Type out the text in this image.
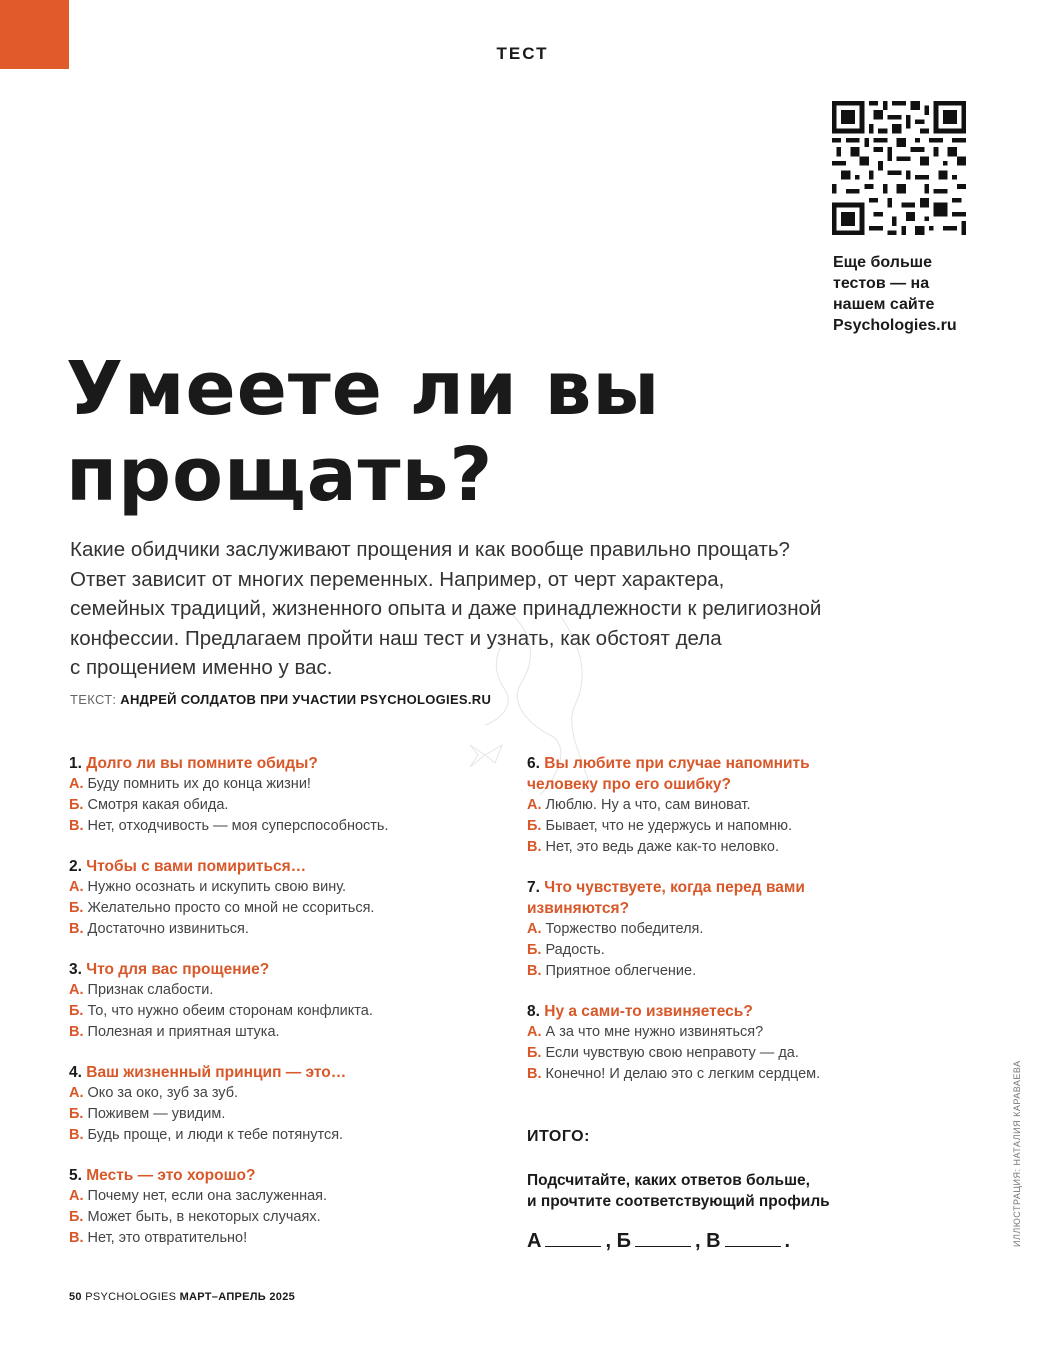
ТЕСТ
Еще больше
тестов — на
нашем сайте
Psychologies.ru
Умеете ли вы
прощать?
Какие обидчики заслуживают прощения и как вообще правильно прощать?
Ответ зависит от многих переменных. Например, от черт характера,
семейных традиций, жизненного опыта и даже принадлежности к религиозной
конфессии. Предлагаем пройти наш тест и узнать, как обстоят дела
с прощением именно у вас.
ТЕКСТ: АНДРЕЙ СОЛДАТОВ ПРИ УЧАСТИИ PSYCHOLOGIES.RU
1. Долго ли вы помните обиды?
А. Буду помнить их до конца жизни!
Б. Смотря какая обида.
В. Нет, отходчивость — моя суперспособность.
2. Чтобы с вами помириться…
А. Нужно осознать и искупить свою вину.
Б. Желательно просто со мной не ссориться.
В. Достаточно извиниться.
3. Что для вас прощение?
А. Признак слабости.
Б. То, что нужно обеим сторонам конфликта.
В. Полезная и приятная штука.
4. Ваш жизненный принцип — это…
А. Око за око, зуб за зуб.
Б. Поживем — увидим.
В. Будь проще, и люди к тебе потянутся.
5. Месть — это хорошо?
А. Почему нет, если она заслуженная.
Б. Может быть, в некоторых случаях.
В. Нет, это отвратительно!
6. Вы любите при случае напомнить
человеку про его ошибку?
А. Люблю. Ну а что, сам виноват.
Б. Бывает, что не удержусь и напомню.
В. Нет, это ведь даже как-то неловко.
7. Что чувствуете, когда перед вами
извиняются?
А. Торжество победителя.
Б. Радость.
В. Приятное облегчение.
8. Ну а сами-то извиняетесь?
А. А за что мне нужно извиняться?
Б. Если чувствую свою неправоту — да.
В. Конечно! И делаю это с легким сердцем.
ИТОГО:
Подсчитайте, каких ответов больше,
и прочтите соответствующий профиль
А	, Б	, В	.	ИЛЛЮСТРАЦИЯ: НАТАЛИЯ КАРАВАЕВА
50 PSYCHOLOGIES МАРТ–АПРЕЛЬ 2025
